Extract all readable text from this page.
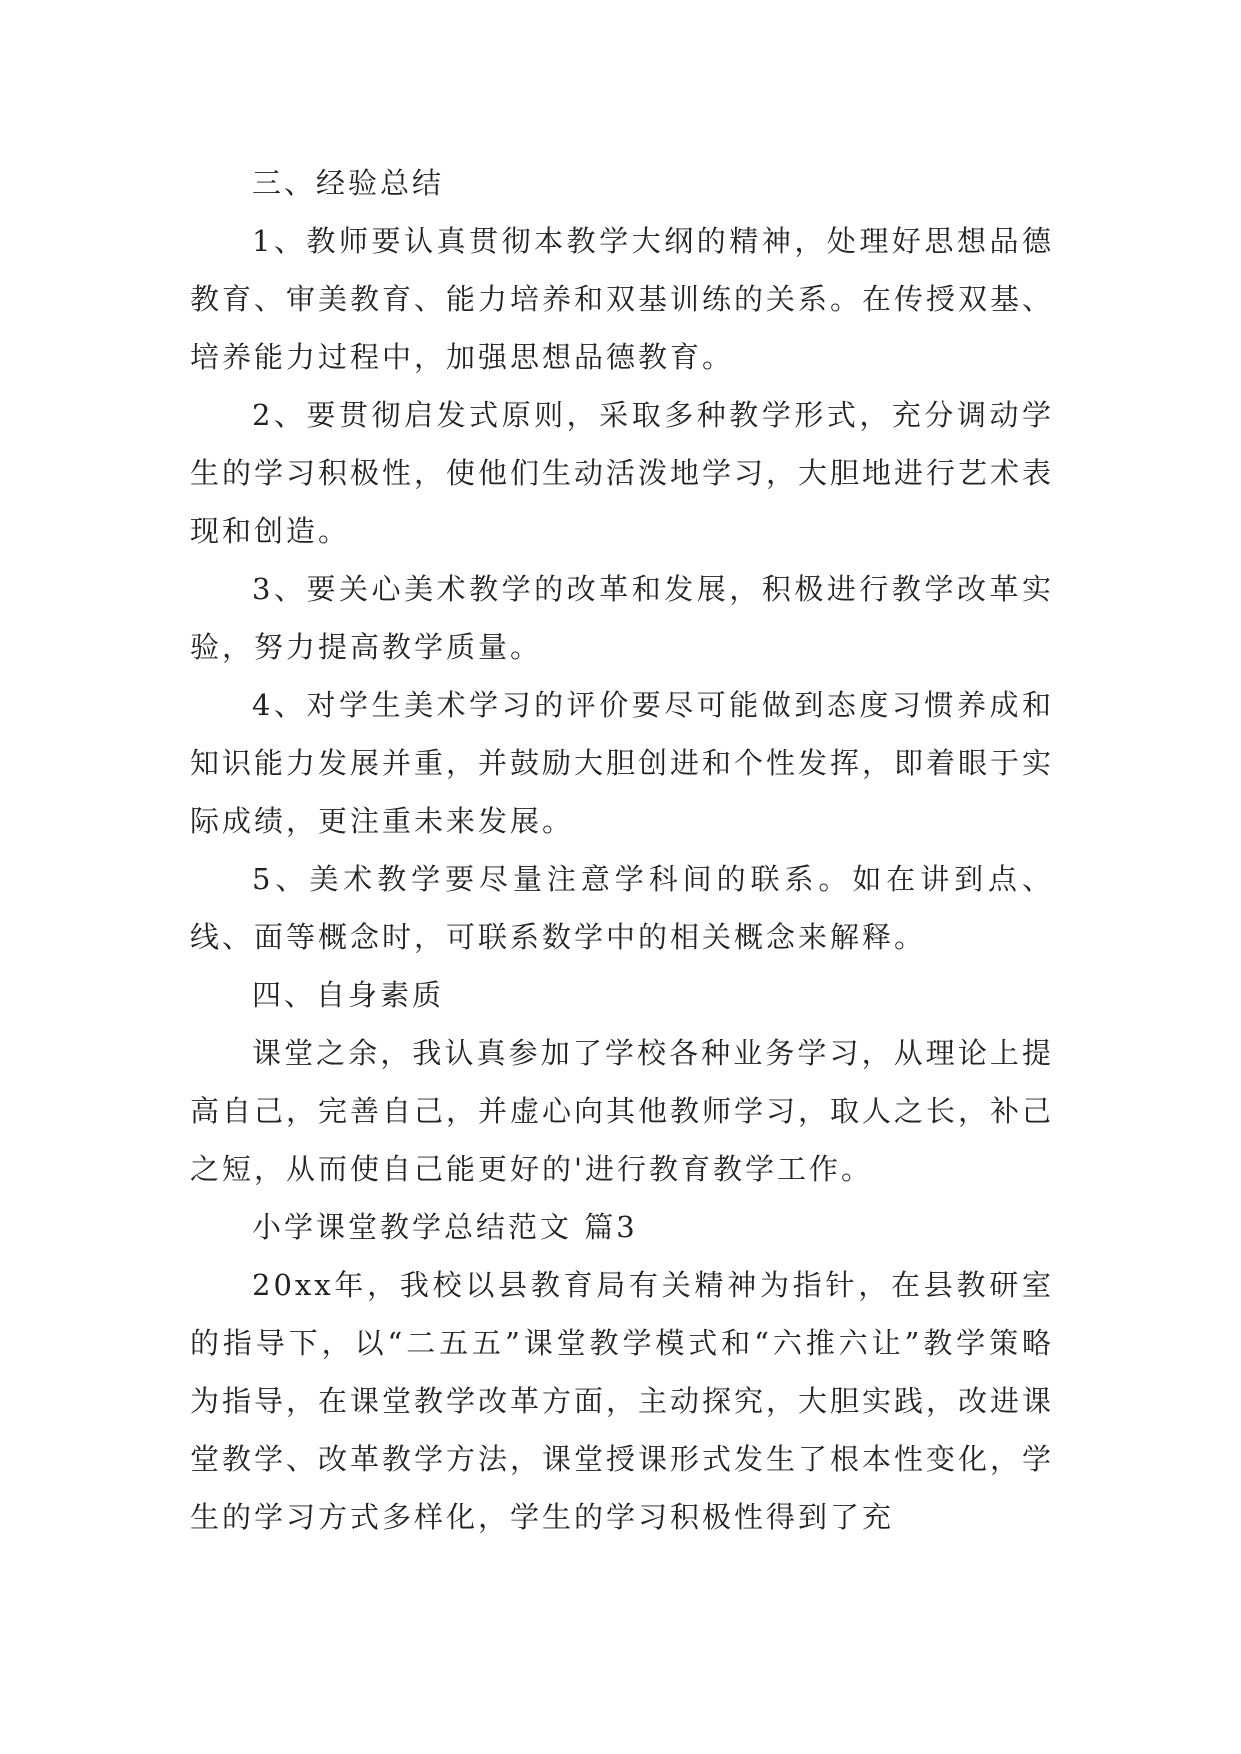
三、经验总结

1、教师要认真贯彻本教学大纲的精神，处理好思想品德教育、审美教育、能力培养和双基训练的关系。在传授双基、培养能力过程中，加强思想品德教育。

2、要贯彻启发式原则，采取多种教学形式，充分调动学生的学习积极性，使他们生动活泼地学习，大胆地进行艺术表现和创造。

3、要关心美术教学的改革和发展，积极进行教学改革实验，努力提高教学质量。

4、对学生美术学习的评价要尽可能做到态度习惯养成和知识能力发展并重，并鼓励大胆创进和个性发挥，即着眼于实际成绩，更注重未来发展。

5、美术教学要尽量注意学科间的联系。如在讲到点、线、面等概念时，可联系数学中的相关概念来解释。

四、自身素质

课堂之余，我认真参加了学校各种业务学习，从理论上提高自己，完善自己，并虚心向其他教师学习，取人之长，补己之短，从而使自己能更好的'进行教育教学工作。

小学课堂教学总结范文 篇3

20xx年，我校以县教育局有关精神为指针，在县教研室的指导下，以“二五五”课堂教学模式和“六推六让”教学策略为指导，在课堂教学改革方面，主动探究，大胆实践，改进课堂教学、改革教学方法，课堂授课形式发生了根本性变化，学生的学习方式多样化，学生的学习积极性得到了充
